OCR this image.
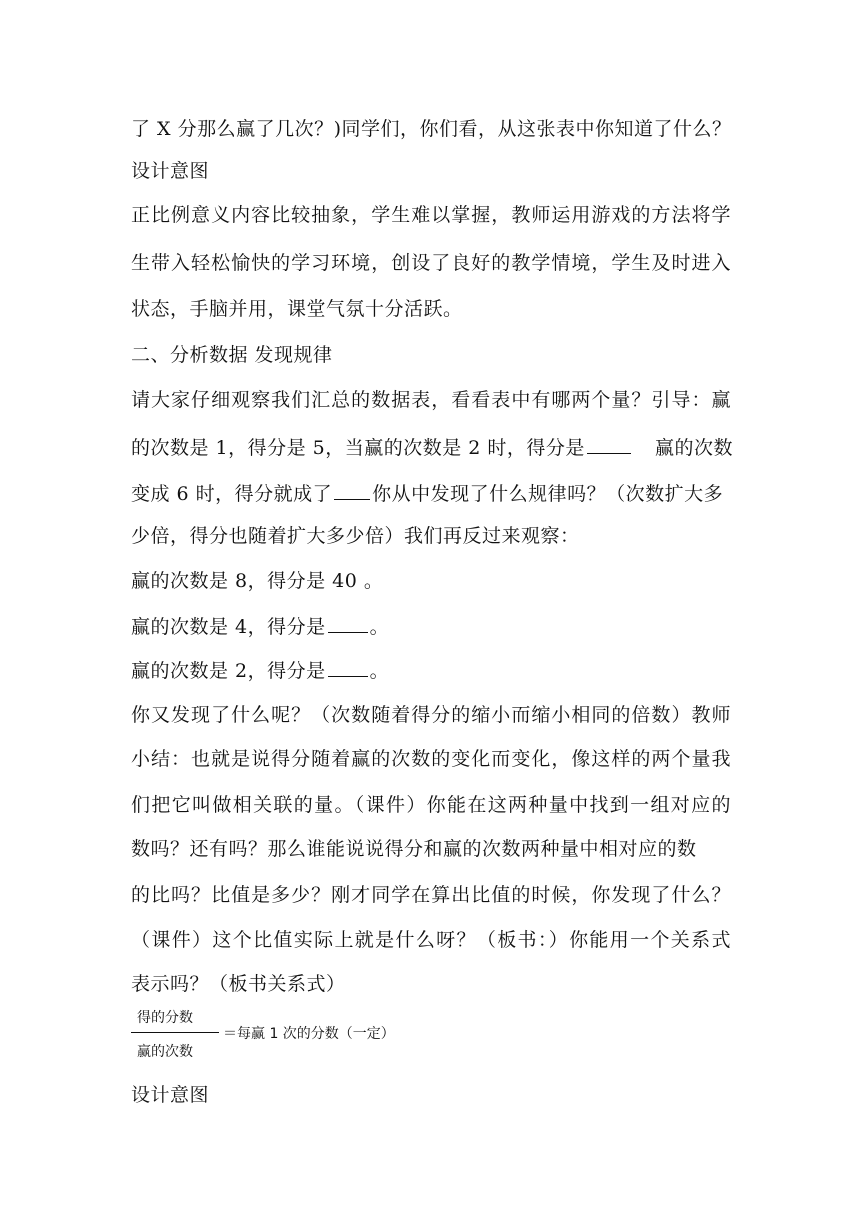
了 X 分那么赢了几次？)同学们，你们看，从这张表中你知道了什么？
设计意图
正比例意义内容比较抽象，学生难以掌握，教师运用游戏的方法将学
生带入轻松愉快的学习环境，创设了良好的教学情境，学生及时进入
状态，手脑并用，课堂气氛十分活跃。
二、分析数据 发现规律
请大家仔细观察我们汇总的数据表，看看表中有哪两个量？引导：赢
的次数是 1，得分是 5，当赢的次数是 2 时，得分是	赢的次数
变成 6 时，得分就成了 你从中发现了什么规律吗？（次数扩大多
少倍，得分也随着扩大多少倍）我们再反过来观察：
赢的次数是 8，得分是 40 。
赢的次数是 4，得分是 。
赢的次数是 2，得分是 。
你又发现了什么呢？（次数随着得分的缩小而缩小相同的倍数）教师
小结：也就是说得分随着赢的次数的变化而变化，像这样的两个量我
们把它叫做相关联的量。（课件）你能在这两种量中找到一组对应的
数吗？还有吗？那么谁能说说得分和赢的次数两种量中相对应的数
的比吗？比值是多少？刚才同学在算出比值的时候，你发现了什么？
（课件）这个比值实际上就是什么呀？（板书：）你能用一个关系式
表示吗？（板书关系式）
得的分数
赢的次数
＝每赢 1 次的分数（一定）
设计意图
